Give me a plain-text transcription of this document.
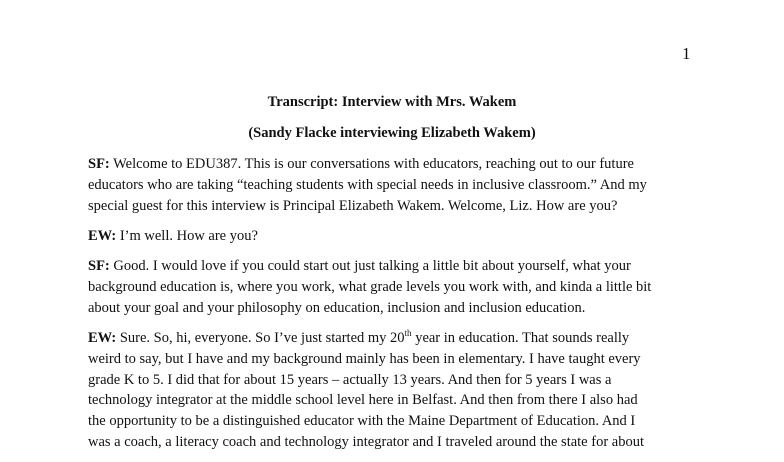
1
Transcript: Interview with Mrs. Wakem
(Sandy Flacke interviewing Elizabeth Wakem)

SF: Welcome to EDU387. This is our conversations with educators, reaching out to our future
educators who are taking “teaching students with special needs in inclusive classroom.” And my
special guest for this interview is Principal Elizabeth Wakem. Welcome, Liz. How are you?

EW: I’m well. How are you?

SF: Good. I would love if you could start out just talking a little bit about yourself, what your
background education is, where you work, what grade levels you work with, and kinda a little bit
about your goal and your philosophy on education, inclusion and inclusion education.

EW: Sure. So, hi, everyone. So I’ve just started my 20th year in education. That sounds really
weird to say, but I have and my background mainly has been in elementary. I have taught every
grade K to 5. I did that for about 15 years – actually 13 years. And then for 5 years I was a
technology integrator at the middle school level here in Belfast. And then from there I also had
the opportunity to be a distinguished educator with the Maine Department of Education. And I
was a coach, a literacy coach and technology integrator and I traveled around the state for about
